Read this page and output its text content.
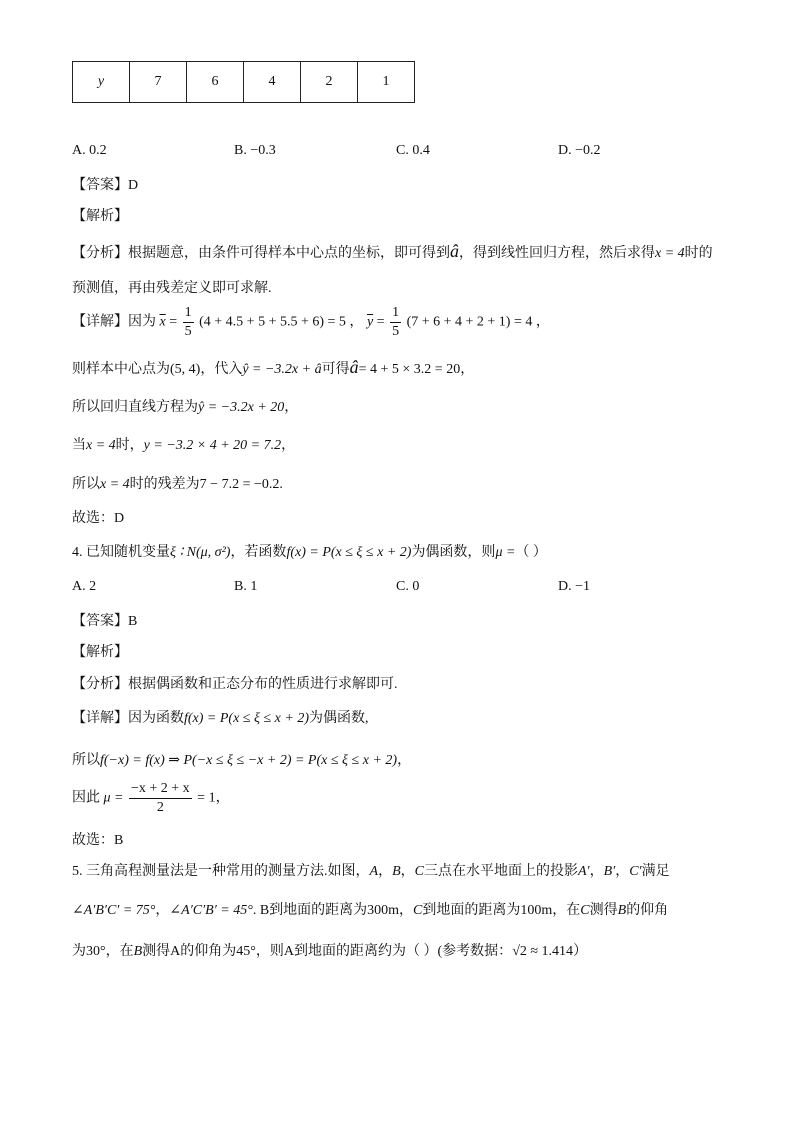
y	7	6	4	2	1
A. 0.2	B. −0.3	C. 0.4	D. −0.2
【答案】D
【解析】
【分析】根据题意，由条件可得样本中心点的坐标，即可得到â，得到线性回归方程，然后求得x = 4时的
预测值，再由残差定义即可求解.
【详解】因为 $\overline{x} = \frac{1}{5} (4 + 4.5 + 5 + 5.5 + 6) = 5$ ， $\overline{y} = \frac{1}{5} (7 + 6 + 4 + 2 + 1) = 4$ ，
则样本中心点为(5, 4)，代入ŷ = −3.2x + â可得â= 4 + 5 × 3.2 = 20，
所以回归直线方程为ŷ = −3.2x + 20，
当x = 4时，y = −3.2 × 4 + 20 = 7.2，
所以x = 4时的残差为7 − 7.2 = −0.2.
故选：D
4. 已知随机变量ξ ∶ N(μ, σ²)，若函数f(x) = P(x ≤ ξ ≤ x + 2)为偶函数，则μ =（ ）
A. 2	B. 1	C. 0	D. −1
【答案】B
【解析】
【分析】根据偶函数和正态分布的性质进行求解即可.
【详解】因为函数f(x) = P(x ≤ ξ ≤ x + 2)为偶函数,
所以f(−x) = f(x) ⇒ P(−x ≤ ξ ≤ −x + 2) = P(x ≤ ξ ≤ x + 2)，
因此 $\mu = \frac{-x + 2 + x}{2} = 1$，
故选：B
5. 三角高程测量法是一种常用的测量方法.如图，A，B，C三点在水平地面上的投影A′，B′，C′满足
∠A′B′C′ = 75°，∠A′C′B′ = 45°. B到地面的距离为300m，C到地面的距离为100m，在C测得B的仰角
为30°，在B测得A的仰角为45°，则A到地面的距离约为（ ）(参考数据：√2 ≈ 1.414）
